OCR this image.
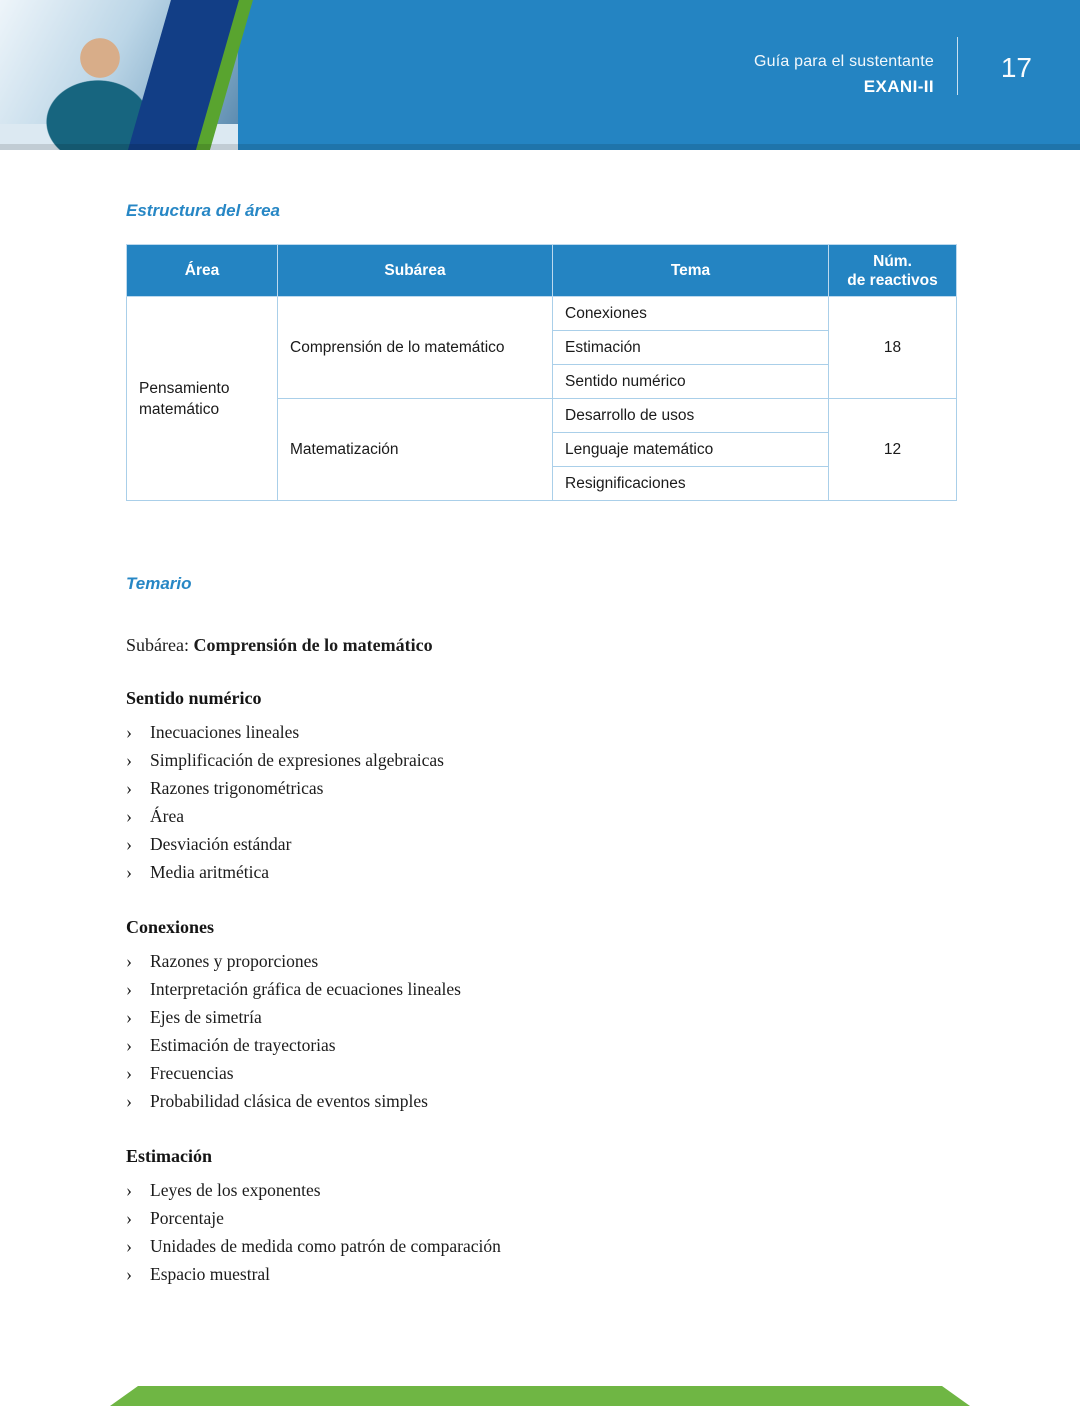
Guía para el sustentante
EXANI-II
17
Estructura del área
Área	Subárea	Tema	Núm.
de reactivos

Pensamiento matemático	Comprensión de lo matemático	Conexiones	18
		Estimación	
		Sentido numérico	
	Matematización	Desarrollo de usos	12
		Lenguaje matemático	
		Resignificaciones	
Temario

Subárea: Comprensión de lo matemático

Sentido numérico
›	Inecuaciones lineales
›	Simplificación de expresiones algebraicas
›	Razones trigonométricas
›	Área
›	Desviación estándar
›	Media aritmética
Conexiones
›	Razones y proporciones
›	Interpretación gráfica de ecuaciones lineales
›	Ejes de simetría
›	Estimación de trayectorias
›	Frecuencias
›	Probabilidad clásica de eventos simples
Estimación
›	Leyes de los exponentes
›	Porcentaje
›	Unidades de medida como patrón de comparación
›	Espacio muestral
